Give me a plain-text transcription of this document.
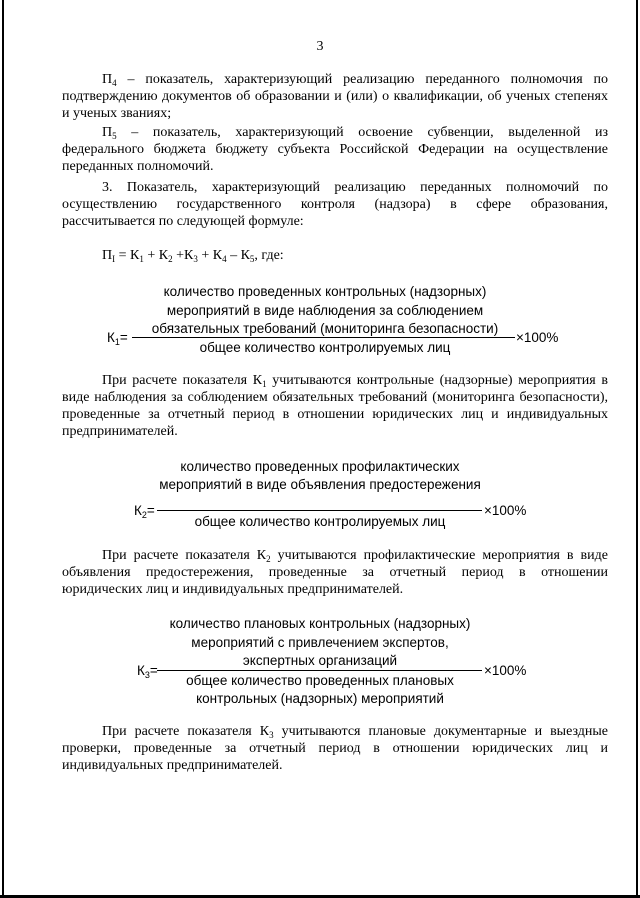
3
$П_4$ – показатель, характеризующий реализацию переданного полномочия по подтверждению документов об образовании и (или) о квалификации, об ученых степенях и ученых званиях;
$П_5$ – показатель, характеризующий освоение субвенции, выделенной из федерального бюджета бюджету субъекта Российской Федерации на осуществление переданных полномочий.
3. Показатель, характеризующий реализацию переданных полномочий по осуществлению государственного контроля (надзора) в сфере образования, рассчитывается по следующей формуле:
$П_I = К_1 + К_2 +К_3 + К_4 - К_5$, где:
количество проведенных контрольных (надзорных)
мероприятий в виде наблюдения за соблюдением
обязательных требований (мониторинга безопасности)
общее количество контролируемых лиц
$К_1=$	×100%
При расчете показателя $К_1$ учитываются контрольные (надзорные) мероприятия в виде наблюдения за соблюдением обязательных требований (мониторинга безопасности), проведенные за отчетный период в отношении юридических лиц и индивидуальных предпринимателей.
количество проведенных профилактических
мероприятий в виде объявления предостережения
общее количество контролируемых лиц
$К_2=$	×100%
При расчете показателя $К_2$ учитываются профилактические мероприятия в виде объявления предостережения, проведенные за отчетный период в отношении юридических лиц и индивидуальных предпринимателей.
количество плановых контрольных (надзорных)
мероприятий с привлечением экспертов,
экспертных организаций
общее количество проведенных плановых
контрольных (надзорных) мероприятий
$К_3=$	×100%
При расчете показателя $К_3$ учитываются плановые документарные и выездные проверки, проведенные за отчетный период в отношении юридических лиц и индивидуальных предпринимателей.
